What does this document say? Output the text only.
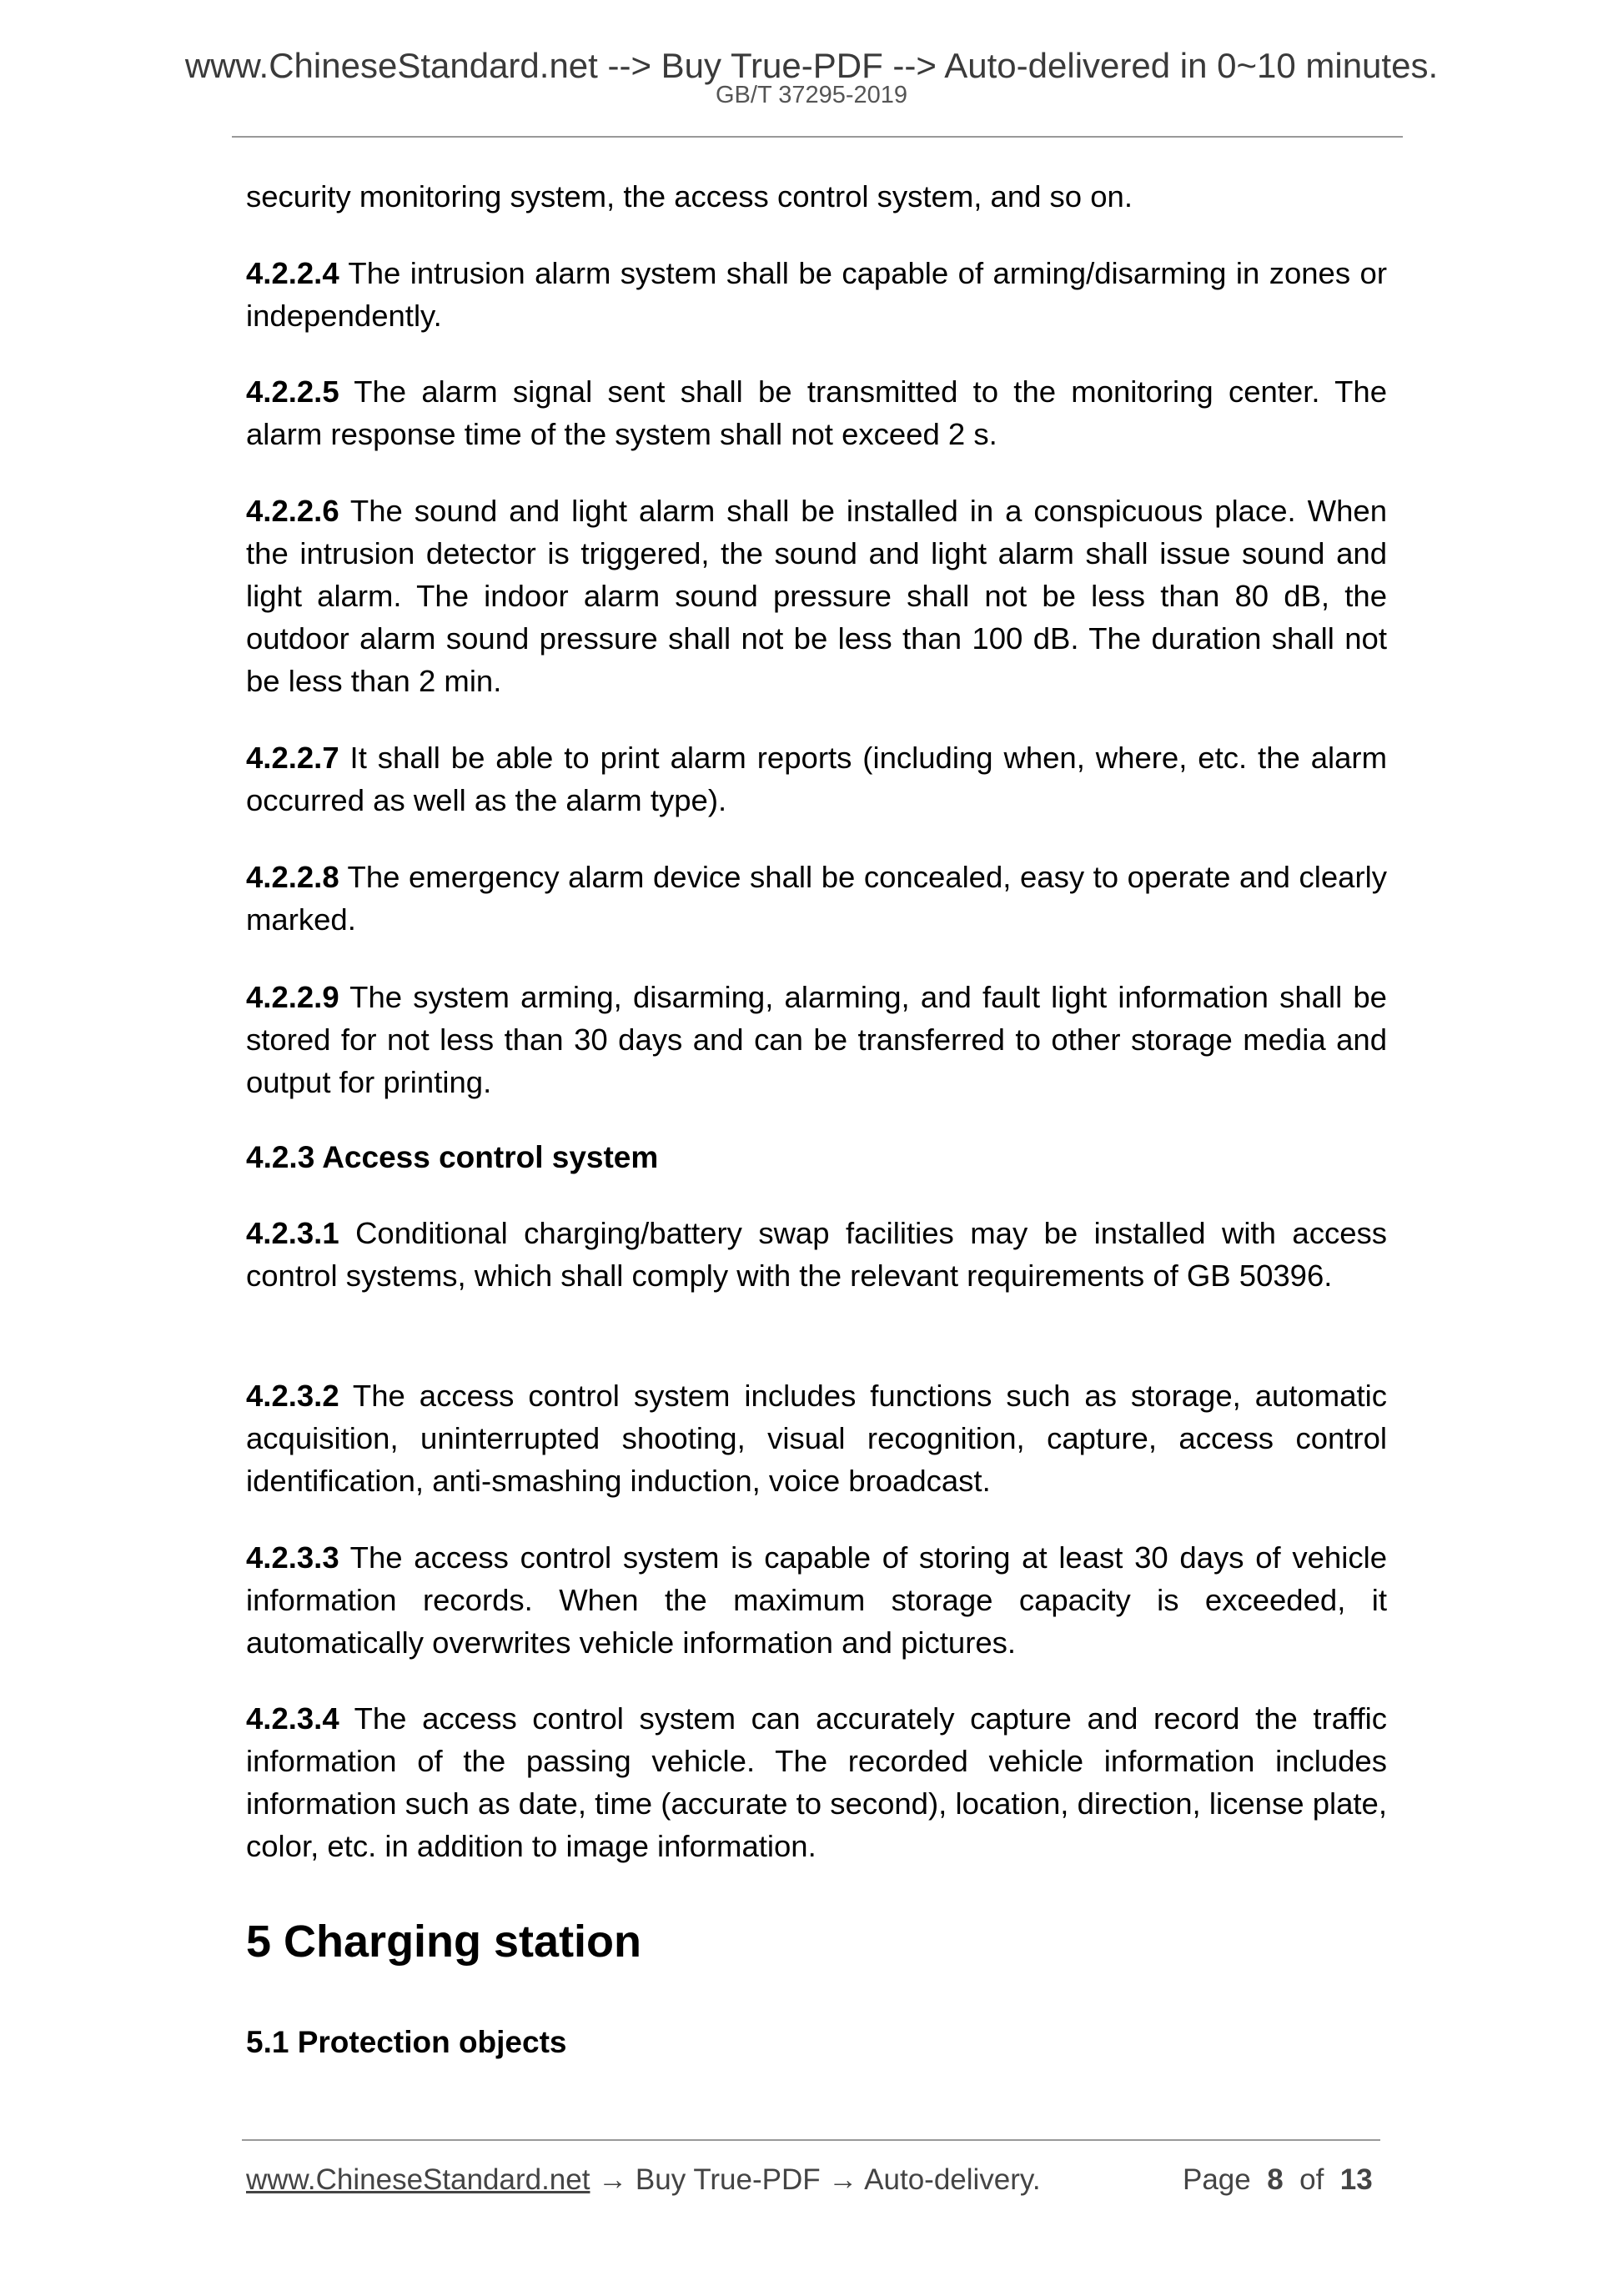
www.ChineseStandard.net --> Buy True-PDF --> Auto-delivered in 0~10 minutes.
GB/T 37295-2019
security monitoring system, the access control system, and so on.
4.2.2.4 The intrusion alarm system shall be capable of arming/disarming in zones or independently.
4.2.2.5 The alarm signal sent shall be transmitted to the monitoring center. The alarm response time of the system shall not exceed 2 s.
4.2.2.6 The sound and light alarm shall be installed in a conspicuous place. When the intrusion detector is triggered, the sound and light alarm shall issue sound and light alarm. The indoor alarm sound pressure shall not be less than 80 dB, the outdoor alarm sound pressure shall not be less than 100 dB. The duration shall not be less than 2 min.
4.2.2.7 It shall be able to print alarm reports (including when, where, etc. the alarm occurred as well as the alarm type).
4.2.2.8 The emergency alarm device shall be concealed, easy to operate and clearly marked.
4.2.2.9 The system arming, disarming, alarming, and fault light information shall be stored for not less than 30 days and can be transferred to other storage media and output for printing.
4.2.3 Access control system
4.2.3.1 Conditional charging/battery swap facilities may be installed with access control systems, which shall comply with the relevant requirements of GB 50396.
4.2.3.2 The access control system includes functions such as storage, automatic acquisition, uninterrupted shooting, visual recognition, capture, access control identification, anti-smashing induction, voice broadcast.
4.2.3.3 The access control system is capable of storing at least 30 days of vehicle information records. When the maximum storage capacity is exceeded, it automatically overwrites vehicle information and pictures.
4.2.3.4 The access control system can accurately capture and record the traffic information of the passing vehicle. The recorded vehicle information includes information such as date, time (accurate to second), location, direction, license plate, color, etc. in addition to image information.
5 Charging station
5.1 Protection objects
www.ChineseStandard.net → Buy True-PDF → Auto-delivery.	Page 8 of 13
